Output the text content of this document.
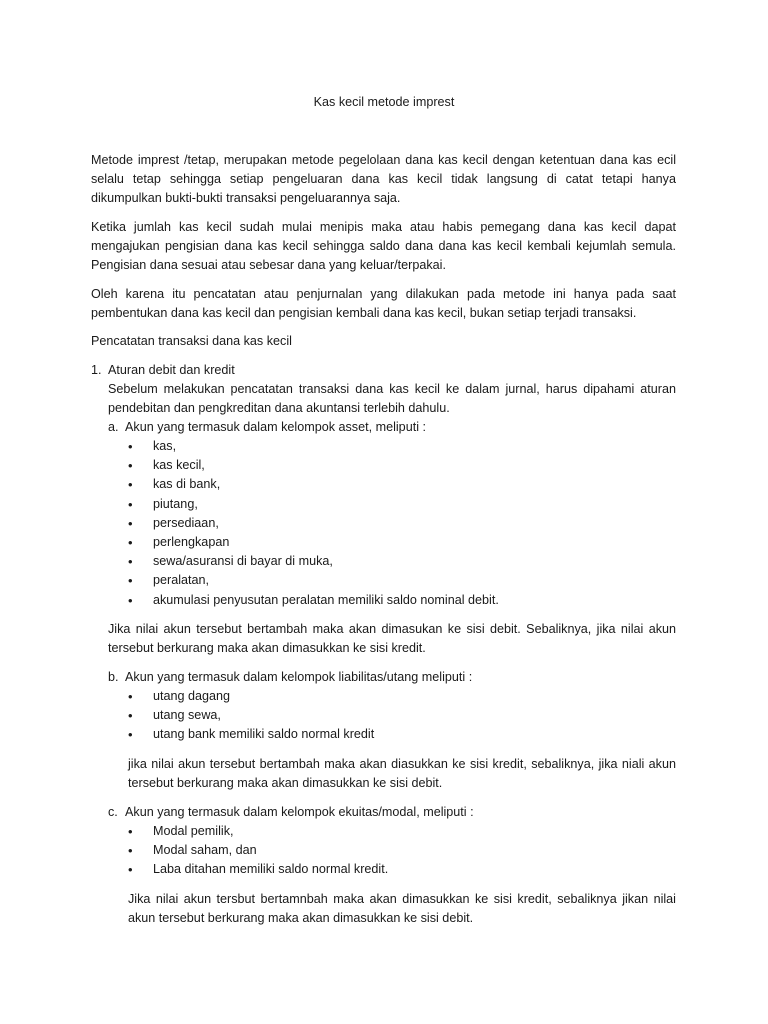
Kas kecil metode imprest
Metode imprest /tetap, merupakan metode pegelolaan dana kas kecil dengan ketentuan dana kas ecil
selalu tetap sehingga setiap pengeluaran dana kas kecil tidak langsung di catat tetapi hanya
dikumpulkan bukti-bukti transaksi pengeluarannya saja.
Ketika jumlah kas kecil sudah mulai menipis maka atau habis pemegang dana kas kecil dapat
mengajukan pengisian dana kas kecil sehingga saldo dana dana kas kecil kembali kejumlah semula.
Pengisian dana sesuai atau sebesar dana yang keluar/terpakai.
Oleh karena itu pencatatan atau penjurnalan yang dilakukan pada metode ini hanya pada saat
pembentukan dana kas kecil dan pengisian kembali dana kas kecil, bukan setiap terjadi transaksi.
Pencatatan transaksi dana kas kecil
1. Aturan debit dan kredit
Sebelum melakukan pencatatan transaksi dana kas kecil ke dalam jurnal, harus dipahami aturan
pendebitan dan pengkreditan dana akuntansi terlebih dahulu.
a. Akun yang termasuk dalam kelompok asset, meliputi :
• kas,
• kas kecil,
• kas di bank,
• piutang,
• persediaan,
• perlengkapan
• sewa/asuransi di bayar di muka,
• peralatan,
• akumulasi penyusutan peralatan memiliki saldo nominal debit.
Jika nilai akun tersebut bertambah maka akan dimasukan ke sisi debit. Sebaliknya, jika nilai akun
tersebut berkurang maka akan dimasukkan ke sisi kredit.
b. Akun yang termasuk dalam kelompok liabilitas/utang meliputi :
• utang dagang
• utang sewa,
• utang bank memiliki saldo normal kredit
jika nilai akun tersebut bertambah maka akan diasukkan ke sisi kredit, sebaliknya, jika niali akun
tersebut berkurang maka akan dimasukkan ke sisi debit.
c. Akun yang termasuk dalam kelompok ekuitas/modal, meliputi :
• Modal pemilik,
• Modal saham, dan
• Laba ditahan memiliki saldo normal kredit.
Jika nilai akun tersbut bertamnbah maka akan dimasukkan ke sisi kredit, sebaliknya jikan nilai
akun tersebut berkurang maka akan dimasukkan ke sisi debit.
